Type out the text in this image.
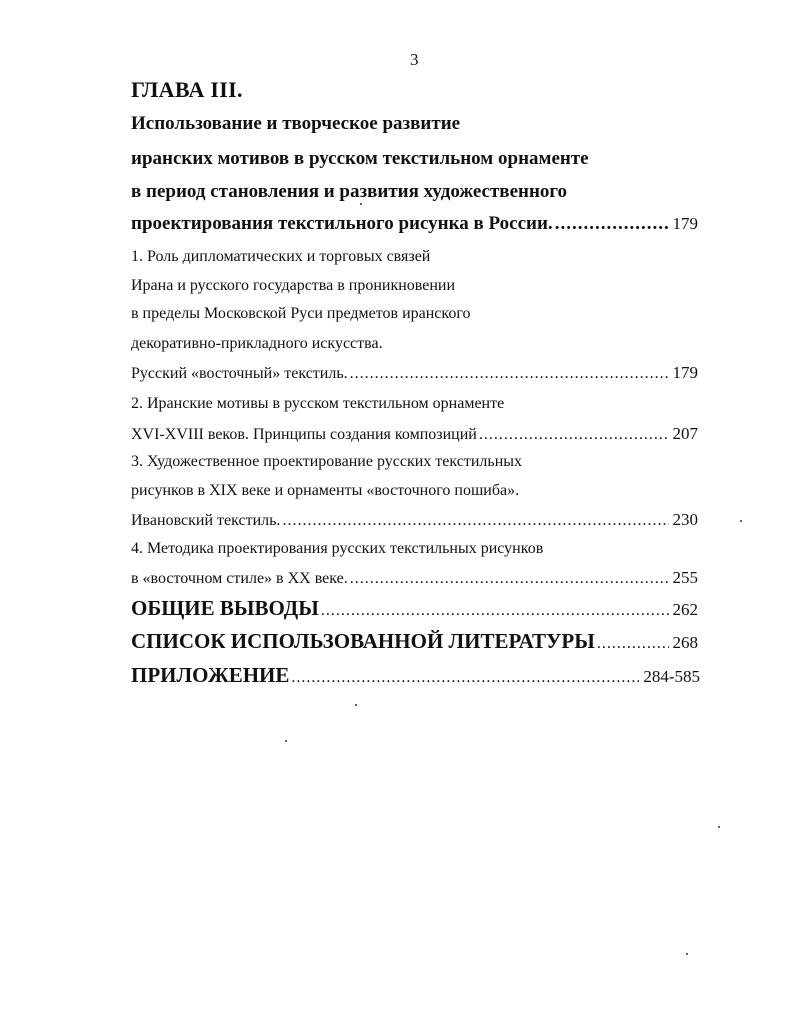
3
ГЛАВА III.
Использование и творческое развитие
иранских мотивов в русском текстильном орнаменте
в период становления и развития художественного
проектирования текстильного рисунка в России. .....	179
1. Роль дипломатических и торговых связей
Ирана и русского государства в проникновении
в пределы Московской Руси предметов иранского
декоративно-прикладного искусства.
Русский «восточный» текстиль. .....	179
2. Иранские мотивы в русском текстильном орнаменте
XVI-XVIII веков. Принципы создания композиций .....	207
3. Художественное проектирование русских текстильных
рисунков в XIX веке и орнаменты «восточного пошиба».
Ивановский текстиль. .....	230
4. Методика проектирования русских текстильных рисунков
в «восточном стиле» в XX веке. .....	255
ОБЩИЕ ВЫВОДЫ .....	262
СПИСОК ИСПОЛЬЗОВАННОЙ ЛИТЕРАТУРЫ .....	268
ПРИЛОЖЕНИЕ .....	284-585
